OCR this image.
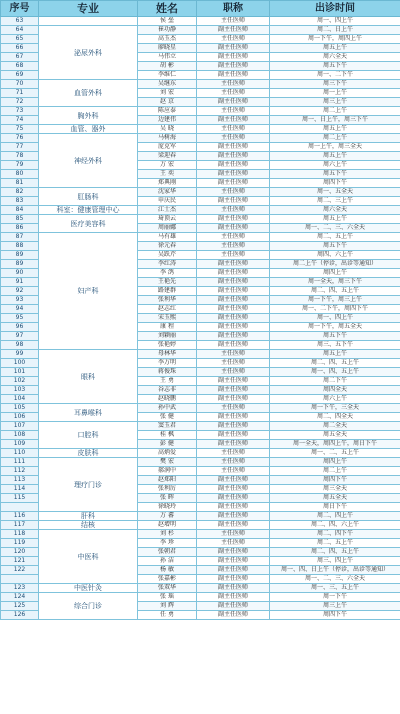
序号	专业	姓名	职称	出诊时间
63		侯 垒	主任医师	周一、四上午
64	泌尿外科	崔功静	副主任医师	周二、日上午
65		高玉杰	主任医师	周一下午，周四上午
66		廖晓星	副主任医师	周五上午
67		马伟立	副主任医师	周六全天
68		胡 彬	副主任医师	周五下午
69		李维仁	副主任医师	周一、二下午
70	血管外科	吴继东	主任医师	周三下午
71		刘 宏	主任医师	周一上午
72		赵 京	副主任医师	周三上午
73	胸外科	陈应泰	主任医师	周二上午
74		边建伟	副主任医师	周一、日上午，周三下午
75	血管、器外	吴 晓	主任医师	周五上午
76	神经外科	马树海	主任医师	周二上午
77		庞克军	副主任医师	周一上午，周三全天
78		梁迎春	副主任医师	周五上午
79		万 宏	副主任医师	周六上午
80		王 奕	副主任医师	周五下午
81		郑典刚	副主任医师	周四下午
82	肛肠科	沈家华	主任医师	周一、五全天
83		申庆民	副主任医师	周二、三上午
84	科室：健康管理中心	江士杰	主任医师	周六全天
85	医疗美容科	琦顶云	副主任医师	周五上午
86		周丽娜	副主任医师	周一、二、三、六全天
87	妇产科	马有雄	主任医师	周二、五上午
88		徐元春	主任医师	周五下午
89		吴跃芹	主任医师	周四、六上午
89		李红涛	副主任医师	周二上午（停诊，出诊等通知）
90		李 鸽	副主任医师	周四上午
91		王艳先	副主任医师	周一全天，周三下午
92		路建群	副主任医师	周二、四、五上午
93		张利华	副主任医师	周一下午，周三上午
94		赵志红	副主任医师	周一、二下午，周四下午
95		宋玉熙	副主任医师	周一、四上午
96		康 程	副主任医师	周一下午，周五全天
97		刘颖丽	副主任医师	周五下午
98		张艳婷	副主任医师	周三、五下午
99	眼科	母林华	主任医师	周五上午
100		李万明	主任医师	周二、四、五上午
101		蒋俊珠	主任医师	周一、四、五上午
102		王 勇	副主任医师	周二下午
103		谷志非	副主任医师	周四全天
104		赵晓鹏	副主任医师	周六上午
105	耳鼻喉科	孙中武	主任医师	周一下午，三全天
106		张 健	副主任医师	周二、四全天
107	口腔科	窦玉君	副主任医师	周二全天
108		桂 枫	副主任医师	周五全天
109		彭 健	副主任医师	周一全天，周四上午，周日下午
110	皮肤科	高炳爱	主任医师	周一、二、五上午
111	理疗门诊	樊 宏	主任医师	周四上午
112		郝润中	主任医师	周二上午
113		赵郑阳	副主任医师	周四下午
114		张利厉	副主任医师	周三全天
115		张 晖	副主任医师	周五全天
		徐晓玲	副主任医师	周日下午
116	肝科	万 蕃	副主任医师	周二、四上午
117	结核	赵增明	副主任医师	周二、四、六上午
118	中医科	刘 杉	主任医师	周二、四下午
119		李 珍	主任医师	周二、五上午
120		张朝君	副主任医师	周二、四、五上午
121		孙 洁	副主任医师	周三、四上午
122		杨 敏	副主任医师	周一、四、日上午（停诊，出诊等通知）
		张嘉彬	副主任医师	周一、二、三、六全天
123	中医针灸	张双华	副主任医师	周一、三、五上午
124	综合门诊	张 瑶	副主任医师	周一下午
125		刘 辉	副主任医师	周三上午
126		任 勇	副主任医师	周四下午
